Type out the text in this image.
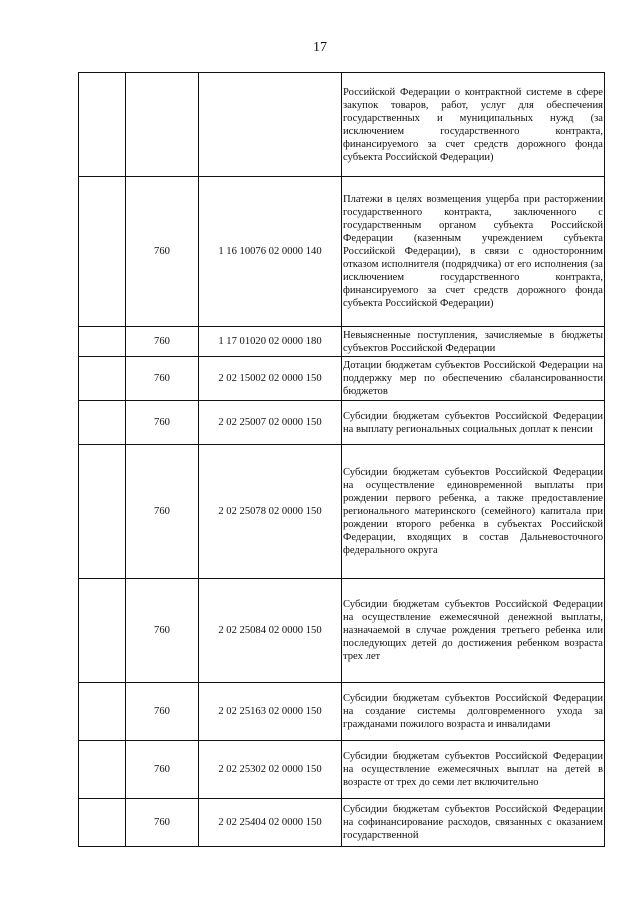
17
			Российской Федерации о контрактной системе в сфере закупок товаров, работ, услуг для обеспечения государственных и муниципальных нужд (за исключением государственного контракта, финансируемого за счет средств дорожного фонда субъекта Российской Федерации)
	760	1 16 10076 02 0000 140	Платежи в целях возмещения ущерба при расторжении государственного контракта, заключенного с государственным органом субъекта Российской Федерации (казенным учреждением субъекта Российской Федерации), в связи с односторонним отказом исполнителя (подрядчика) от его исполнения (за исключением государственного контракта, финансируемого за счет средств дорожного фонда субъекта Российской Федерации)
	760	1 17 01020 02 0000 180	Невыясненные поступления, зачисляемые в бюджеты субъектов Российской Федерации
	760	2 02 15002 02 0000 150	Дотации бюджетам субъектов Российской Федерации на поддержку мер по обеспечению сбалансированности бюджетов
	760	2 02 25007 02 0000 150	Субсидии бюджетам субъектов Российской Федерации на выплату региональных социальных доплат к пенсии
	760	2 02 25078 02 0000 150	Субсидии бюджетам субъектов Российской Федерации на осуществление единовременной выплаты при рождении первого ребенка, а также предоставление регионального материнского (семейного) капитала при рождении второго ребенка в субъектах Российской Федерации, входящих в состав Дальневосточного федерального округа
	760	2 02 25084 02 0000 150	Субсидии бюджетам субъектов Российской Федерации на осуществление ежемесячной денежной выплаты, назначаемой в случае рождения третьего ребенка или последующих детей до достижения ребенком возраста трех лет
	760	2 02 25163 02 0000 150	Субсидии бюджетам субъектов Российской Федерации на создание системы долговременного ухода за гражданами пожилого возраста и инвалидами
	760	2 02 25302 02 0000 150	Субсидии бюджетам субъектов Российской Федерации на осуществление ежемесячных выплат на детей в возрасте от трех до семи лет включительно
	760	2 02 25404 02 0000 150	Субсидии бюджетам субъектов Российской Федерации на софинансирование расходов, связанных с оказанием государственной
